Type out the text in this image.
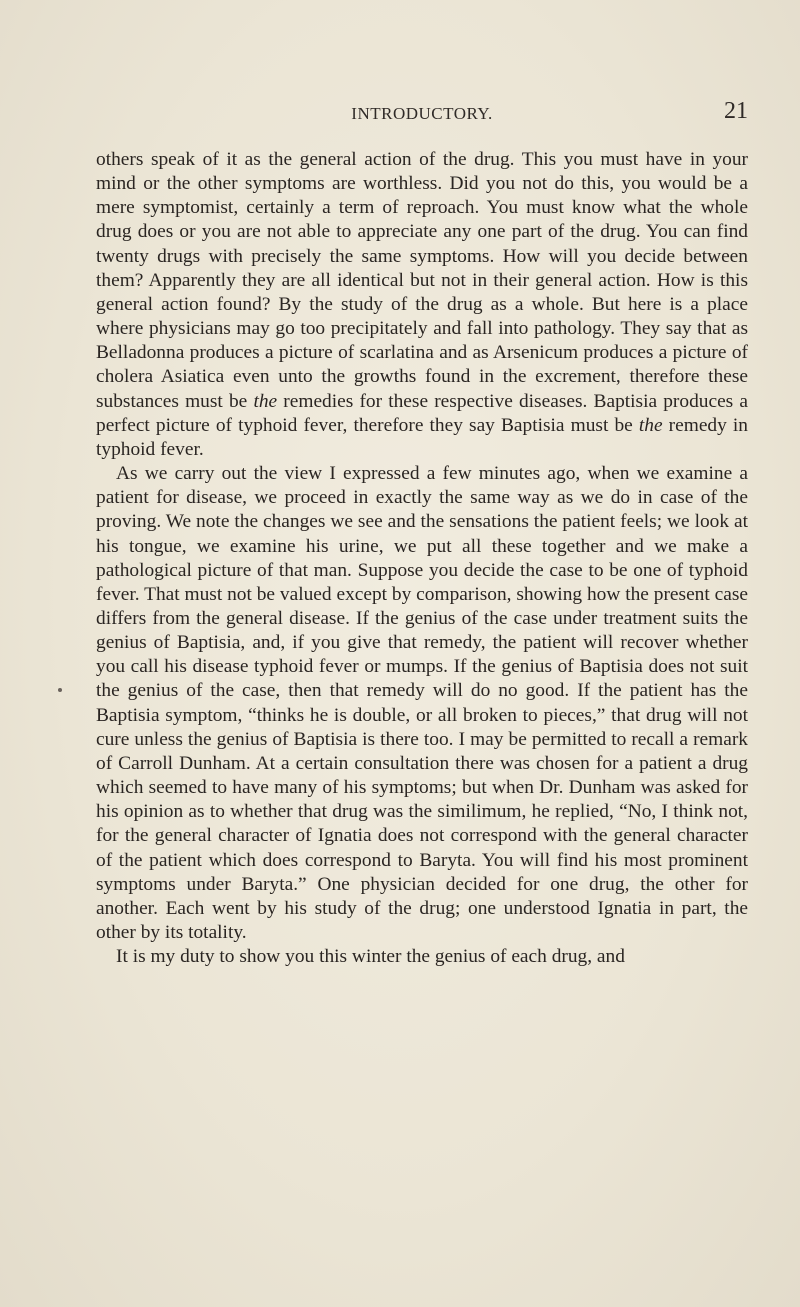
INTRODUCTORY.	21

others speak of it as the general action of the drug. This you must have in your mind or the other symptoms are worthless. Did you not do this, you would be a mere symptomist, certainly a term of reproach. You must know what the whole drug does or you are not able to appreciate any one part of the drug. You can find twenty drugs with precisely the same symptoms. How will you decide between them? Apparently they are all identical but not in their general action. How is this general action found? By the study of the drug as a whole. But here is a place where physicians may go too precipitately and fall into pathology. They say that as Belladonna produces a picture of scarlatina and as Arsenicum produces a picture of cholera Asiatica even unto the growths found in the excrement, therefore these substances must be the remedies for these respective diseases. Baptisia produces a perfect picture of typhoid fever, therefore they say Baptisia must be the remedy in typhoid fever.

As we carry out the view I expressed a few minutes ago, when we examine a patient for disease, we proceed in exactly the same way as we do in case of the proving. We note the changes we see and the sensations the patient feels; we look at his tongue, we examine his urine, we put all these together and we make a pathological picture of that man. Suppose you decide the case to be one of typhoid fever. That must not be valued except by comparison, showing how the present case differs from the general disease. If the genius of the case under treatment suits the genius of Baptisia, and, if you give that remedy, the patient will recover whether you call his disease typhoid fever or mumps. If the genius of Baptisia does not suit the genius of the case, then that remedy will do no good. If the patient has the Baptisia symptom, “thinks he is double, or all broken to pieces,” that drug will not cure unless the genius of Baptisia is there too. I may be permitted to recall a remark of Carroll Dunham. At a certain consultation there was chosen for a patient a drug which seemed to have many of his symptoms; but when Dr. Dunham was asked for his opinion as to whether that drug was the similimum, he replied, “No, I think not, for the general character of Ignatia does not correspond with the general character of the patient which does correspond to Baryta. You will find his most prominent symptoms under Baryta.” One physician decided for one drug, the other for another. Each went by his study of the drug; one understood Ignatia in part, the other by its totality.

It is my duty to show you this winter the genius of each drug, and
